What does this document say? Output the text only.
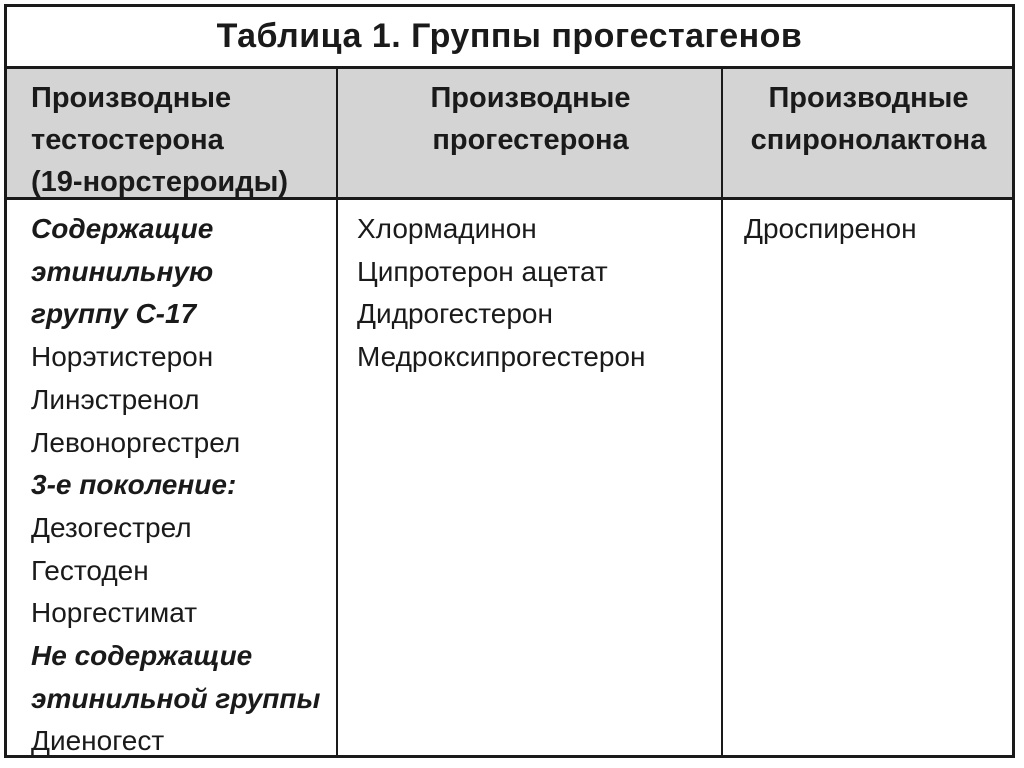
Таблица 1. Группы прогестагенов
Производные
тестостерона
(19-норстероиды)
Производные
прогестерона
Производные
спиронолактона
Содержащие
этинильную
группу С-17
Норэтистерон
Линэстренол
Левоноргестрел
3-е поколение:
Дезогестрел
Гестоден
Норгестимат
Не содержащие
этинильной группы
Диеногест
Хлормадинон
Ципротерон ацетат
Дидрогестерон
Медроксипрогестерон
Дроспиренон
